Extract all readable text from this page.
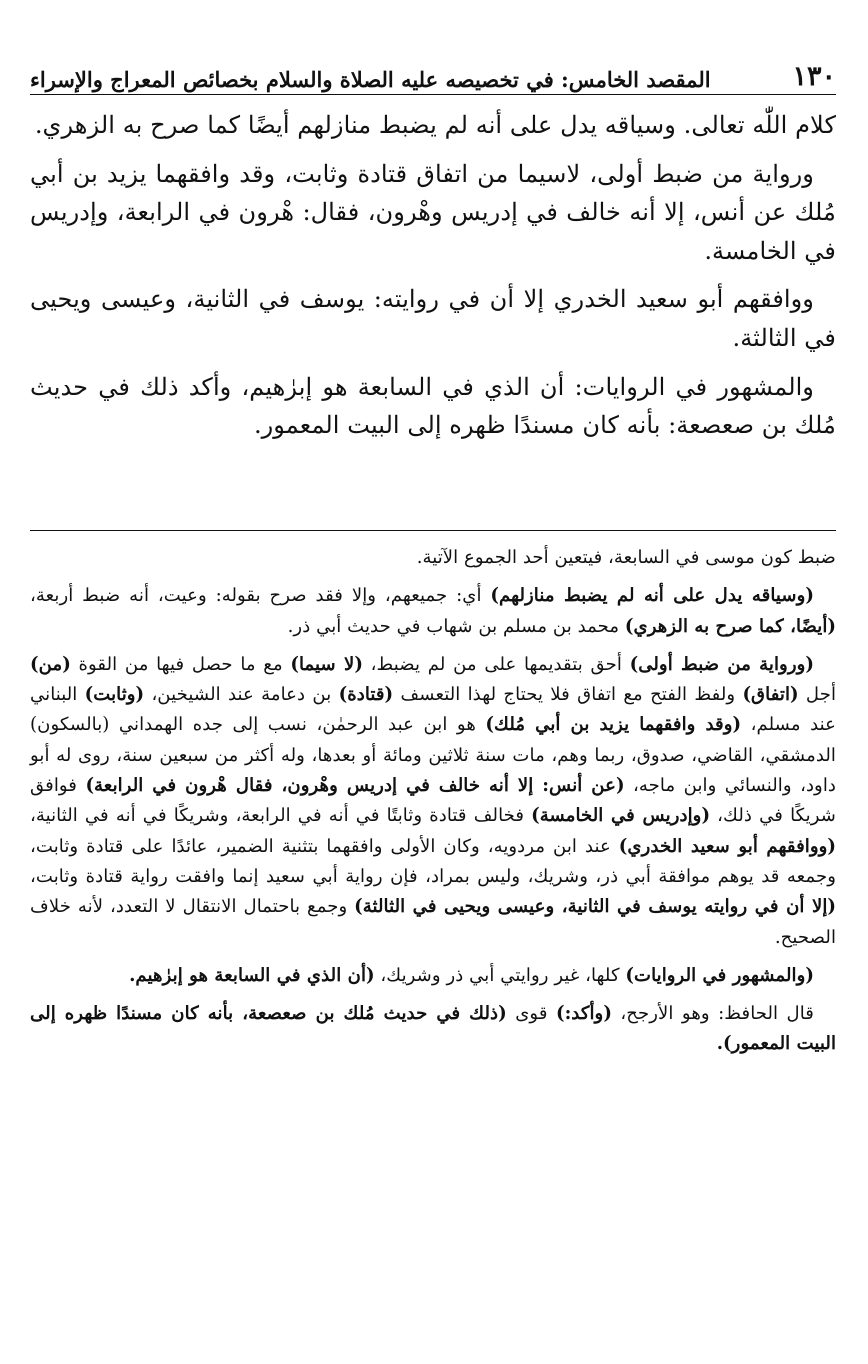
١٣٠
المقصد الخامس: في تخصيصه عليه الصلاة والسلام بخصائص المعراج والإسراء

كلام اللّٰه تعالى. وسياقه يدل على أنه لم يضبط منازلهم أيضًا كما صرح به الزهري.

ورواية من ضبط أولى، لاسيما من اتفاق قتادة وثابت، وقد وافقهما يزيد بن أبي مُلك عن أنس، إلا أنه خالف في إدريس وهْرون، فقال: هْرون في الرابعة، وإدريس في الخامسة.

ووافقهم أبو سعيد الخدري إلا أن في روايته: يوسف في الثانية، وعيسى ويحيى في الثالثة.

والمشهور في الروايات: أن الذي في السابعة هو إبرٰهيم، وأكد ذلك في حديث مُلك بن صعصعة: بأنه كان مسندًا ظهره إلى البيت المعمور.

ضبط كون موسى في السابعة، فيتعين أحد الجموع الآتية.

(وسياقه يدل على أنه لم يضبط منازلهم) أي: جميعهم، وإلا فقد صرح بقوله: وعيت، أنه ضبط أربعة، (أيضًا، كما صرح به الزهري) محمد بن مسلم بن شهاب في حديث أبي ذر.

(ورواية من ضبط أولى) أحق بتقديمها على من لم يضبط، (لا سيما) مع ما حصل فيها من القوة (من) أجل (اتفاق) ولفظ الفتح مع اتفاق فلا يحتاج لهذا التعسف (قتادة) بن دعامة عند الشيخين، (وثابت) البناني عند مسلم، (وقد وافقهما يزيد بن أبي مُلك) هو ابن عبد الرحمٰن، نسب إلى جده الهمداني (بالسكون) الدمشقي، القاضي، صدوق، ربما وهم، مات سنة ثلاثين ومائة أو بعدها، وله أكثر من سبعين سنة، روى له أبو داود، والنسائي وابن ماجه، (عن أنس: إلا أنه خالف في إدريس وهْرون، فقال هْرون في الرابعة) فوافق شريكًا في ذلك، (وإدريس في الخامسة) فخالف قتادة وثابتًا في أنه في الرابعة، وشريكًا في أنه في الثانية، (ووافقهم أبو سعيد الخدري) عند ابن مردويه، وكان الأولى وافقهما بتثنية الضمير، عائدًا على قتادة وثابت، وجمعه قد يوهم موافقة أبي ذر، وشريك، وليس بمراد، فإن رواية أبي سعيد إنما وافقت رواية قتادة وثابت، (إلا أن في روايته يوسف في الثانية، وعيسى ويحيى في الثالثة) وجمع باحتمال الانتقال لا التعدد، لأنه خلاف الصحيح.

(والمشهور في الروايات) كلها، غير روايتي أبي ذر وشريك، (أن الذي في السابعة هو إبرٰهيم.

قال الحافظ: وهو الأرجح، (وأكد:) قوى (ذلك في حديث مُلك بن صعصعة، بأنه كان مسندًا ظهره إلى البيت المعمور).
